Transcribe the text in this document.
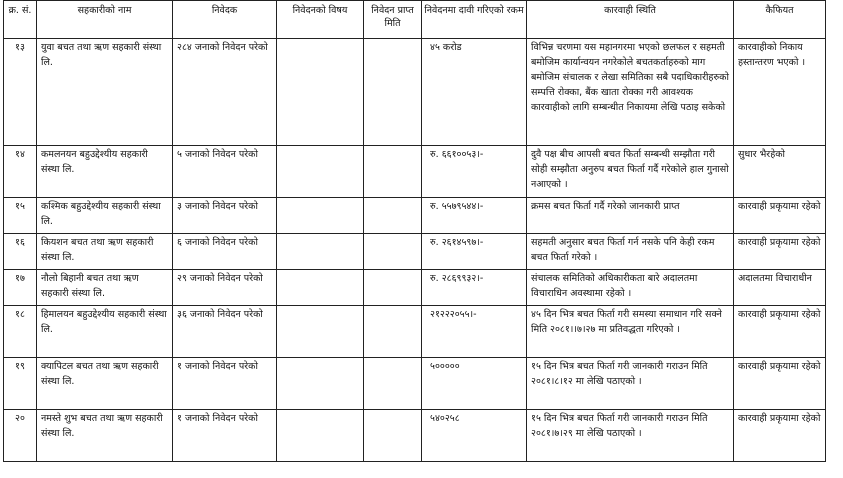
क्र. सं.	सहकारीको नाम	निवेदक	निवेदनको विषय	निवेदन प्राप्त मिति	निवेदनमा दावी गरिएको रकम	कारवाही स्थिति	कैफियत
१३	युवा बचत तथा ऋण सहकारी संस्था लि.	२८४ जनाको निवेदन परेको			४५ करोड	विभिन्न चरणमा यस महानगरमा भएको छलफल र सहमती बमोजिम कार्यान्वयन नगरेकोले बचतकर्ताहरुको माग बमोजिम संचालक र लेखा समितिका सबै पदाधिकारीहरुको सम्पत्ति रोक्का, बैंक खाता रोक्का गरी आवश्यक कारवाहीको लागि सम्बन्धीत निकायमा लेखि पठाइ सकेको	कारवाहीको निकाय हस्तान्तरण भएको ।
१४	कमलनयन बहुउद्देश्यीय सहकारी संस्था लि.	५ जनाको निवेदन परेको			रु. ६६१००५३।-	दुवै पक्ष बीच आपसी बचत फिर्ता सम्बन्धी सम्झौता गरी सोही सम्झौता अनुरुप बचत फिर्ता गर्दै गरेकोले हाल गुनासो नआएको ।	सुधार भैरहेको
१५	कश्मिक बहुउद्देश्यीय सहकारी संस्था लि.	३ जनाको निवेदन परेको			रु. ५५७९५४४।-	क्रमस बचत फिर्ता गर्दै गरेको जानकारी प्राप्त	कारवाही प्रकृयामा रहेको
१६	कियशन बचत तथा ऋण सहकारी संस्था लि.	६ जनाको निवेदन परेको			रु. २६१४५९७।-	सहमती अनुसार बचत फिर्ता गर्न नसके पनि केही रकम बचत फिर्ता गरेको ।	कारवाही प्रकृयामा रहेको
१७	नौलो बिहानी बचत तथा ऋण सहकारी संस्था लि.	२९ जनाको निवेदन परेको			रु. २८६९९३२।-	संचालक समितिको अधिकारीकता बारे अदालतमा विचाराधिन अवस्थामा रहेको ।	अदालतमा विचाराधीन
१८	हिमालयन बहुउद्देश्यीय सहकारी संस्था लि.	३६ जनाको निवेदन परेको			२१२२२०५५।-	४५ दिन भित्र बचत फिर्ता गरी समस्या समाधान गरि सक्ने मिति २०८१।।७।२७ मा प्रतिवद्धता गरिएको ।	कारवाही प्रकृयामा रहेको
१९	क्यापिटल बचत तथा ऋण सहकारी संस्था लि.	१ जनाको निवेदन परेको			५०००००	१५ दिन भित्र बचत फिर्ता गरी जानकारी गराउन मिति २०८१।८।१२ मा लेखि पठाएको ।	कारवाही प्रकृयामा रहेको
२०	नमस्ते शुभ बचत तथा ऋण सहकारी संस्था लि.	१ जनाको निवेदन परेको			५४०२५८	१५ दिन भित्र बचत फिर्ता गरी जानकारी गराउन मिति २०८१।७।२९ मा लेखि पठाएको ।	कारवाही प्रकृयामा रहेको
